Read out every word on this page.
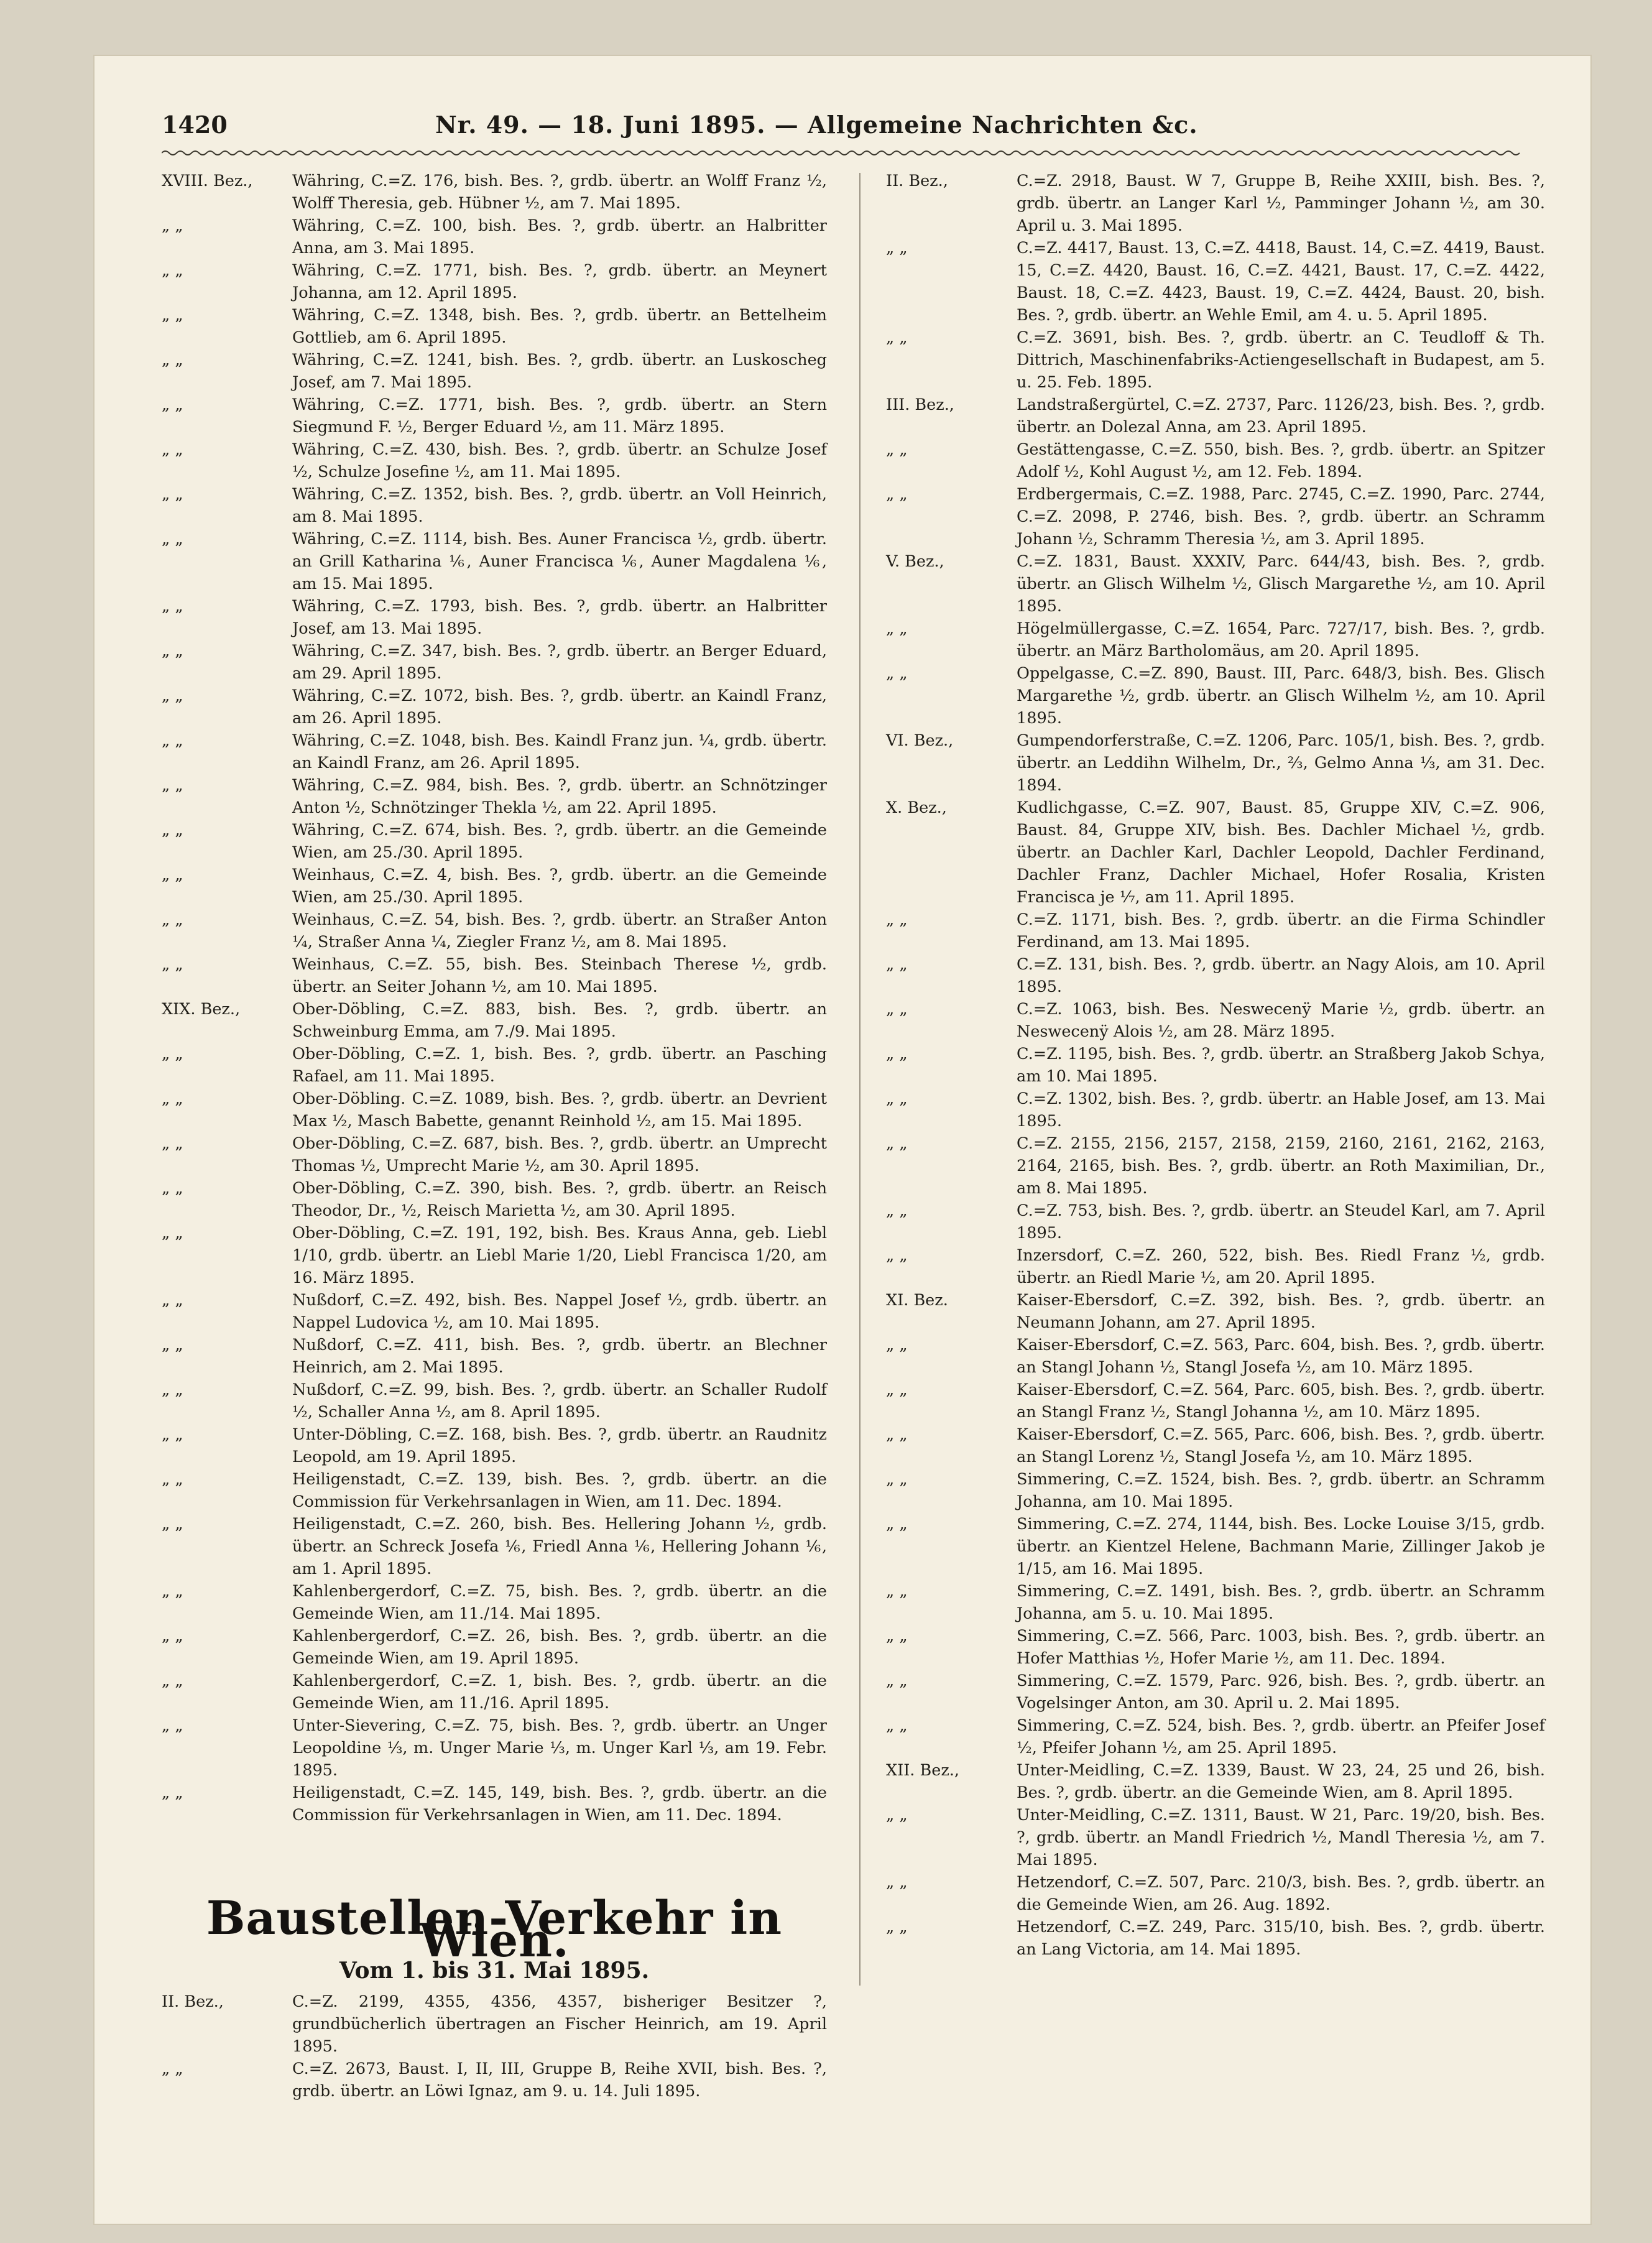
1420	Nr. 49. — 18. Juni 1895. — Allgemeine Nachrichten &c.
XVIII. Bez.,	Währing, C.=Z. 176, bish. Bes. ?, grdb. übertr. an Wolff Franz ½, Wolff Theresia, geb. Hübner ½, am 7. Mai 1895.
„ „	Währing, C.=Z. 100, bish. Bes. ?, grdb. übertr. an Halbritter Anna, am 3. Mai 1895.
„ „	Währing, C.=Z. 1771, bish. Bes. ?, grdb. übertr. an Meynert Johanna, am 12. April 1895.
„ „	Währing, C.=Z. 1348, bish. Bes. ?, grdb. übertr. an Bettelheim Gottlieb, am 6. April 1895.
„ „	Währing, C.=Z. 1241, bish. Bes. ?, grdb. übertr. an Luskoscheg Josef, am 7. Mai 1895.
„ „	Währing, C.=Z. 1771, bish. Bes. ?, grdb. übertr. an Stern Siegmund F. ½, Berger Eduard ½, am 11. März 1895.
„ „	Währing, C.=Z. 430, bish. Bes. ?, grdb. übertr. an Schulze Josef ½, Schulze Josefine ½, am 11. Mai 1895.
„ „	Währing, C.=Z. 1352, bish. Bes. ?, grdb. übertr. an Voll Heinrich, am 8. Mai 1895.
„ „	Währing, C.=Z. 1114, bish. Bes. Auner Francisca ½, grdb. übertr. an Grill Katharina ⅙, Auner Francisca ⅙, Auner Magdalena ⅙, am 15. Mai 1895.
„ „	Währing, C.=Z. 1793, bish. Bes. ?, grdb. übertr. an Halbritter Josef, am 13. Mai 1895.
„ „	Währing, C.=Z. 347, bish. Bes. ?, grdb. übertr. an Berger Eduard, am 29. April 1895.
„ „	Währing, C.=Z. 1072, bish. Bes. ?, grdb. übertr. an Kaindl Franz, am 26. April 1895.
„ „	Währing, C.=Z. 1048, bish. Bes. Kaindl Franz jun. ¼, grdb. übertr. an Kaindl Franz, am 26. April 1895.
„ „	Währing, C.=Z. 984, bish. Bes. ?, grdb. übertr. an Schnötzinger Anton ½, Schnötzinger Thekla ½, am 22. April 1895.
„ „	Währing, C.=Z. 674, bish. Bes. ?, grdb. übertr. an die Gemeinde Wien, am 25./30. April 1895.
„ „	Weinhaus, C.=Z. 4, bish. Bes. ?, grdb. übertr. an die Gemeinde Wien, am 25./30. April 1895.
„ „	Weinhaus, C.=Z. 54, bish. Bes. ?, grdb. übertr. an Straßer Anton ¼, Straßer Anna ¼, Ziegler Franz ½, am 8. Mai 1895.
„ „	Weinhaus, C.=Z. 55, bish. Bes. Steinbach Therese ½, grdb. übertr. an Seiter Johann ½, am 10. Mai 1895.
XIX. Bez.,	Ober-Döbling, C.=Z. 883, bish. Bes. ?, grdb. übertr. an Schweinburg Emma, am 7./9. Mai 1895.
„ „	Ober-Döbling, C.=Z. 1, bish. Bes. ?, grdb. übertr. an Pasching Rafael, am 11. Mai 1895.
„ „	Ober-Döbling. C.=Z. 1089, bish. Bes. ?, grdb. übertr. an Devrient Max ½, Masch Babette, genannt Reinhold ½, am 15. Mai 1895.
„ „	Ober-Döbling, C.=Z. 687, bish. Bes. ?, grdb. übertr. an Umprecht Thomas ½, Umprecht Marie ½, am 30. April 1895.
„ „	Ober-Döbling, C.=Z. 390, bish. Bes. ?, grdb. übertr. an Reisch Theodor, Dr., ½, Reisch Marietta ½, am 30. April 1895.
„ „	Ober-Döbling, C.=Z. 191, 192, bish. Bes. Kraus Anna, geb. Liebl 1/10, grdb. übertr. an Liebl Marie 1/20, Liebl Francisca 1/20, am 16. März 1895.
„ „	Nußdorf, C.=Z. 492, bish. Bes. Nappel Josef ½, grdb. übertr. an Nappel Ludovica ½, am 10. Mai 1895.
„ „	Nußdorf, C.=Z. 411, bish. Bes. ?, grdb. übertr. an Blechner Heinrich, am 2. Mai 1895.
„ „	Nußdorf, C.=Z. 99, bish. Bes. ?, grdb. übertr. an Schaller Rudolf ½, Schaller Anna ½, am 8. April 1895.
„ „	Unter-Döbling, C.=Z. 168, bish. Bes. ?, grdb. übertr. an Raudnitz Leopold, am 19. April 1895.
„ „	Heiligenstadt, C.=Z. 139, bish. Bes. ?, grdb. übertr. an die Commission für Verkehrsanlagen in Wien, am 11. Dec. 1894.
„ „	Heiligenstadt, C.=Z. 260, bish. Bes. Hellering Johann ½, grdb. übertr. an Schreck Josefa ⅙, Friedl Anna ⅙, Hellering Johann ⅙, am 1. April 1895.
„ „	Kahlenbergerdorf, C.=Z. 75, bish. Bes. ?, grdb. übertr. an die Gemeinde Wien, am 11./14. Mai 1895.
„ „	Kahlenbergerdorf, C.=Z. 26, bish. Bes. ?, grdb. übertr. an die Gemeinde Wien, am 19. April 1895.
„ „	Kahlenbergerdorf, C.=Z. 1, bish. Bes. ?, grdb. übertr. an die Gemeinde Wien, am 11./16. April 1895.
„ „	Unter-Sievering, C.=Z. 75, bish. Bes. ?, grdb. übertr. an Unger Leopoldine ⅓, m. Unger Marie ⅓, m. Unger Karl ⅓, am 19. Febr. 1895.
„ „	Heiligenstadt, C.=Z. 145, 149, bish. Bes. ?, grdb. übertr. an die Commission für Verkehrsanlagen in Wien, am 11. Dec. 1894.
Baustellen-Verkehr in Wien.
Vom 1. bis 31. Mai 1895.
II. Bez.,	C.=Z. 2199, 4355, 4356, 4357, bisheriger Besitzer ?, grundbücherlich übertragen an Fischer Heinrich, am 19. April 1895.
„ „	C.=Z. 2673, Baust. I, II, III, Gruppe B, Reihe XVII, bish. Bes. ?, grdb. übertr. an Löwi Ignaz, am 9. u. 14. Juli 1895.
II. Bez.,	C.=Z. 2918, Baust. W 7, Gruppe B, Reihe XXIII, bish. Bes. ?, grdb. übertr. an Langer Karl ½, Pamminger Johann ½, am 30. April u. 3. Mai 1895.
„ „	C.=Z. 4417, Baust. 13, C.=Z. 4418, Baust. 14, C.=Z. 4419, Baust. 15, C.=Z. 4420, Baust. 16, C.=Z. 4421, Baust. 17, C.=Z. 4422, Baust. 18, C.=Z. 4423, Baust. 19, C.=Z. 4424, Baust. 20, bish. Bes. ?, grdb. übertr. an Wehle Emil, am 4. u. 5. April 1895.
„ „	C.=Z. 3691, bish. Bes. ?, grdb. übertr. an C. Teudloff & Th. Dittrich, Maschinenfabriks-Actiengesellschaft in Budapest, am 5. u. 25. Feb. 1895.
III. Bez.,	Landstraßergürtel, C.=Z. 2737, Parc. 1126/23, bish. Bes. ?, grdb. übertr. an Dolezal Anna, am 23. April 1895.
„ „	Gestättengasse, C.=Z. 550, bish. Bes. ?, grdb. übertr. an Spitzer Adolf ½, Kohl August ½, am 12. Feb. 1894.
„ „	Erdbergermais, C.=Z. 1988, Parc. 2745, C.=Z. 1990, Parc. 2744, C.=Z. 2098, P. 2746, bish. Bes. ?, grdb. übertr. an Schramm Johann ½, Schramm Theresia ½, am 3. April 1895.
V. Bez.,	C.=Z. 1831, Baust. XXXIV, Parc. 644/43, bish. Bes. ?, grdb. übertr. an Glisch Wilhelm ½, Glisch Margarethe ½, am 10. April 1895.
„ „	Högelmüllergasse, C.=Z. 1654, Parc. 727/17, bish. Bes. ?, grdb. übertr. an März Bartholomäus, am 20. April 1895.
„ „	Oppelgasse, C.=Z. 890, Baust. III, Parc. 648/3, bish. Bes. Glisch Margarethe ½, grdb. übertr. an Glisch Wilhelm ½, am 10. April 1895.
VI. Bez.,	Gumpendorferstraße, C.=Z. 1206, Parc. 105/1, bish. Bes. ?, grdb. übertr. an Leddihn Wilhelm, Dr., ⅔, Gelmo Anna ⅓, am 31. Dec. 1894.
X. Bez.,	Kudlichgasse, C.=Z. 907, Baust. 85, Gruppe XIV, C.=Z. 906, Baust. 84, Gruppe XIV, bish. Bes. Dachler Michael ½, grdb. übertr. an Dachler Karl, Dachler Leopold, Dachler Ferdinand, Dachler Franz, Dachler Michael, Hofer Rosalia, Kristen Francisca je ⅐, am 11. April 1895.
„ „	C.=Z. 1171, bish. Bes. ?, grdb. übertr. an die Firma Schindler Ferdinand, am 13. Mai 1895.
„ „	C.=Z. 131, bish. Bes. ?, grdb. übertr. an Nagy Alois, am 10. April 1895.
„ „	C.=Z. 1063, bish. Bes. Neswecenÿ Marie ½, grdb. übertr. an Neswecenÿ Alois ½, am 28. März 1895.
„ „	C.=Z. 1195, bish. Bes. ?, grdb. übertr. an Straßberg Jakob Schya, am 10. Mai 1895.
„ „	C.=Z. 1302, bish. Bes. ?, grdb. übertr. an Hable Josef, am 13. Mai 1895.
„ „	C.=Z. 2155, 2156, 2157, 2158, 2159, 2160, 2161, 2162, 2163, 2164, 2165, bish. Bes. ?, grdb. übertr. an Roth Maximilian, Dr., am 8. Mai 1895.
„ „	C.=Z. 753, bish. Bes. ?, grdb. übertr. an Steudel Karl, am 7. April 1895.
„ „	Inzersdorf, C.=Z. 260, 522, bish. Bes. Riedl Franz ½, grdb. übertr. an Riedl Marie ½, am 20. April 1895.
XI. Bez.	Kaiser-Ebersdorf, C.=Z. 392, bish. Bes. ?, grdb. übertr. an Neumann Johann, am 27. April 1895.
„ „	Kaiser-Ebersdorf, C.=Z. 563, Parc. 604, bish. Bes. ?, grdb. übertr. an Stangl Johann ½, Stangl Josefa ½, am 10. März 1895.
„ „	Kaiser-Ebersdorf, C.=Z. 564, Parc. 605, bish. Bes. ?, grdb. übertr. an Stangl Franz ½, Stangl Johanna ½, am 10. März 1895.
„ „	Kaiser-Ebersdorf, C.=Z. 565, Parc. 606, bish. Bes. ?, grdb. übertr. an Stangl Lorenz ½, Stangl Josefa ½, am 10. März 1895.
„ „	Simmering, C.=Z. 1524, bish. Bes. ?, grdb. übertr. an Schramm Johanna, am 10. Mai 1895.
„ „	Simmering, C.=Z. 274, 1144, bish. Bes. Locke Louise 3/15, grdb. übertr. an Kientzel Helene, Bachmann Marie, Zillinger Jakob je 1/15, am 16. Mai 1895.
„ „	Simmering, C.=Z. 1491, bish. Bes. ?, grdb. übertr. an Schramm Johanna, am 5. u. 10. Mai 1895.
„ „	Simmering, C.=Z. 566, Parc. 1003, bish. Bes. ?, grdb. übertr. an Hofer Matthias ½, Hofer Marie ½, am 11. Dec. 1894.
„ „	Simmering, C.=Z. 1579, Parc. 926, bish. Bes. ?, grdb. übertr. an Vogelsinger Anton, am 30. April u. 2. Mai 1895.
„ „	Simmering, C.=Z. 524, bish. Bes. ?, grdb. übertr. an Pfeifer Josef ½, Pfeifer Johann ½, am 25. April 1895.
XII. Bez.,	Unter-Meidling, C.=Z. 1339, Baust. W 23, 24, 25 und 26, bish. Bes. ?, grdb. übertr. an die Gemeinde Wien, am 8. April 1895.
„ „	Unter-Meidling, C.=Z. 1311, Baust. W 21, Parc. 19/20, bish. Bes. ?, grdb. übertr. an Mandl Friedrich ½, Mandl Theresia ½, am 7. Mai 1895.
„ „	Hetzendorf, C.=Z. 507, Parc. 210/3, bish. Bes. ?, grdb. übertr. an die Gemeinde Wien, am 26. Aug. 1892.
„ „	Hetzendorf, C.=Z. 249, Parc. 315/10, bish. Bes. ?, grdb. übertr. an Lang Victoria, am 14. Mai 1895.
